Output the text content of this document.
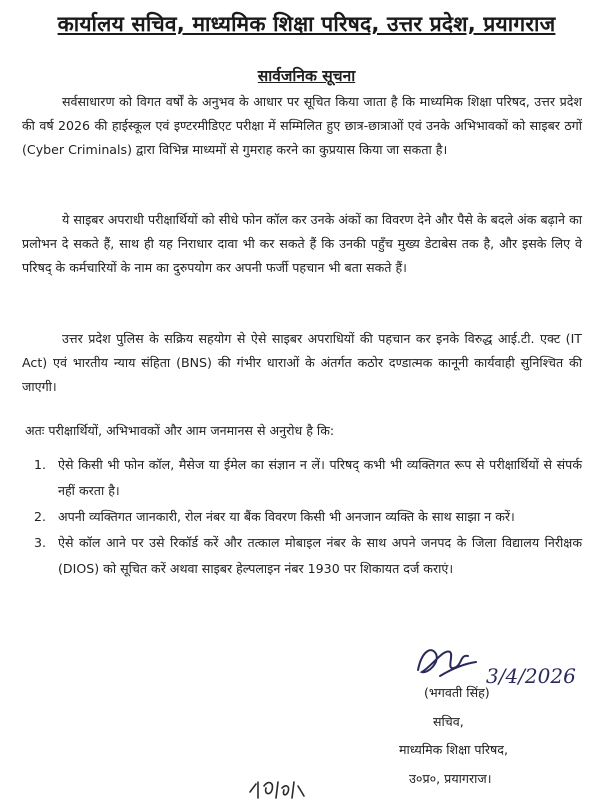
कार्यालय सचिव, माध्यमिक शिक्षा परिषद, उत्तर प्रदेश, प्रयागराज
सार्वजनिक सूचना
सर्वसाधारण को विगत वर्षों के अनुभव के आधार पर सूचित किया जाता है कि माध्यमिक शिक्षा परिषद, उत्तर प्रदेश की वर्ष 2026 की हाईस्कूल एवं इण्टरमीडिएट परीक्षा में सम्मिलित हुए छात्र-छात्राओं एवं उनके अभिभावकों को साइबर ठगों (Cyber Criminals) द्वारा विभिन्न माध्यमों से गुमराह करने का कुप्रयास किया जा सकता है।
ये साइबर अपराधी परीक्षार्थियों को सीधे फोन कॉल कर उनके अंकों का विवरण देने और पैसे के बदले अंक बढ़ाने का प्रलोभन दे सकते हैं, साथ ही यह निराधार दावा भी कर सकते हैं कि उनकी पहुँच मुख्य डेटाबेस तक है, और इसके लिए वे परिषद् के कर्मचारियों के नाम का दुरुपयोग कर अपनी फर्जी पहचान भी बता सकते हैं।
उत्तर प्रदेश पुलिस के सक्रिय सहयोग से ऐसे साइबर अपराधियों की पहचान कर इनके विरुद्ध आई.टी. एक्ट (IT Act) एवं भारतीय न्याय संहिता (BNS) की गंभीर धाराओं के अंतर्गत कठोर दण्डात्मक कानूनी कार्यवाही सुनिश्चित की जाएगी।
अतः परीक्षार्थियों, अभिभावकों और आम जनमानस से अनुरोध है कि:
1. ऐसे किसी भी फोन कॉल, मैसेज या ईमेल का संज्ञान न लें। परिषद् कभी भी व्यक्तिगत रूप से परीक्षार्थियों से संपर्क नहीं करता है।
2. अपनी व्यक्तिगत जानकारी, रोल नंबर या बैंक विवरण किसी भी अनजान व्यक्ति के साथ साझा न करें।
3. ऐसे कॉल आने पर उसे रिकॉर्ड करें और तत्काल मोबाइल नंबर के साथ अपने जनपद के जिला विद्यालय निरीक्षक (DIOS) को सूचित करें अथवा साइबर हेल्पलाइन नंबर 1930 पर शिकायत दर्ज कराएं।
3/4/2026
(भगवती सिंह)
सचिव,
माध्यमिक शिक्षा परिषद,
उ०प्र०, प्रयागराज।
